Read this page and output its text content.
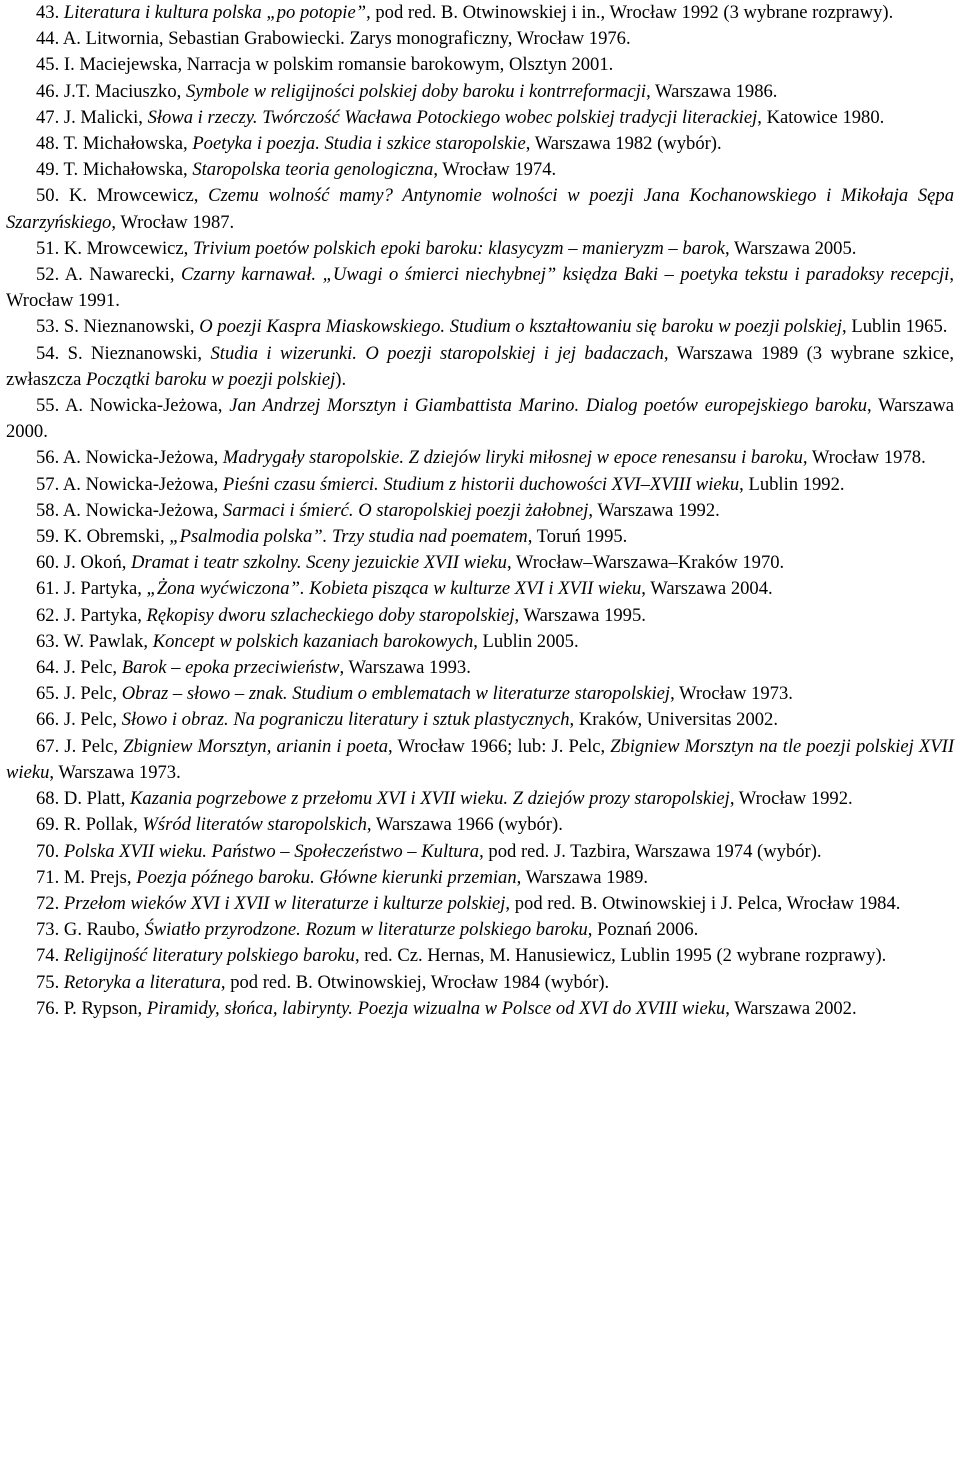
43. Literatura i kultura polska „po potopie”, pod red. B. Otwinowskiej i in., Wrocław 1992 (3 wybrane rozprawy).

44. A. Litwornia, Sebastian Grabowiecki. Zarys monograficzny, Wrocław 1976.

45. I. Maciejewska, Narracja w polskim romansie barokowym, Olsztyn 2001.

46. J.T. Maciuszko, Symbole w religijności polskiej doby baroku i kontrreformacji, Warszawa 1986.

47. J. Malicki, Słowa i rzeczy. Twórczość Wacława Potockiego wobec polskiej tradycji literackiej, Katowice 1980.

48. T. Michałowska, Poetyka i poezja. Studia i szkice staropolskie, Warszawa 1982 (wybór).

49. T. Michałowska, Staropolska teoria genologiczna, Wrocław 1974.

50. K. Mrowcewicz, Czemu wolność mamy? Antynomie wolności w poezji Jana Kochanowskiego i Mikołaja Sępa Szarzyńskiego, Wrocław 1987.

51. K. Mrowcewicz, Trivium poetów polskich epoki baroku: klasycyzm – manieryzm – barok, Warszawa 2005.

52. A. Nawarecki, Czarny karnawał. „Uwagi o śmierci niechybnej” księdza Baki – poetyka tekstu i paradoksy recepcji, Wrocław 1991.

53. S. Nieznanowski, O poezji Kaspra Miaskowskiego. Studium o kształtowaniu się baroku w poezji polskiej, Lublin 1965.

54. S. Nieznanowski, Studia i wizerunki. O poezji staropolskiej i jej badaczach, Warszawa 1989 (3 wybrane szkice, zwłaszcza Początki baroku w poezji polskiej).

55. A. Nowicka-Jeżowa, Jan Andrzej Morsztyn i Giambattista Marino. Dialog poetów europejskiego baroku, Warszawa 2000.

56. A. Nowicka-Jeżowa, Madrygały staropolskie. Z dziejów liryki miłosnej w epoce renesansu i baroku, Wrocław 1978.

57. A. Nowicka-Jeżowa, Pieśni czasu śmierci. Studium z historii duchowości XVI–XVIII wieku, Lublin 1992.

58. A. Nowicka-Jeżowa, Sarmaci i śmierć. O staropolskiej poezji żałobnej, Warszawa 1992.

59. K. Obremski, „Psalmodia polska”. Trzy studia nad poematem, Toruń 1995.

60. J. Okoń, Dramat i teatr szkolny. Sceny jezuickie XVII wieku, Wrocław–Warszawa–Kraków 1970.

61. J. Partyka, „Żona wyćwiczona”. Kobieta pisząca w kulturze XVI i XVII wieku, Warszawa 2004.

62. J. Partyka, Rękopisy dworu szlacheckiego doby staropolskiej, Warszawa 1995.

63. W. Pawlak, Koncept w polskich kazaniach barokowych, Lublin 2005.

64. J. Pelc, Barok – epoka przeciwieństw, Warszawa 1993.

65. J. Pelc, Obraz – słowo – znak. Studium o emblematach w literaturze staropolskiej, Wrocław 1973.

66. J. Pelc, Słowo i obraz. Na pograniczu literatury i sztuk plastycznych, Kraków, Universitas 2002.

67. J. Pelc, Zbigniew Morsztyn, arianin i poeta, Wrocław 1966; lub: J. Pelc, Zbigniew Morsztyn na tle poezji polskiej XVII wieku, Warszawa 1973.

68. D. Platt, Kazania pogrzebowe z przełomu XVI i XVII wieku. Z dziejów prozy staropolskiej, Wrocław 1992.

69. R. Pollak, Wśród literatów staropolskich, Warszawa 1966 (wybór).

70. Polska XVII wieku. Państwo – Społeczeństwo – Kultura, pod red. J. Tazbira, Warszawa 1974 (wybór).

71. M. Prejs, Poezja późnego baroku. Główne kierunki przemian, Warszawa 1989.

72. Przełom wieków XVI i XVII w literaturze i kulturze polskiej, pod red. B. Otwinowskiej i J. Pelca, Wrocław 1984.

73. G. Raubo, Światło przyrodzone. Rozum w literaturze polskiego baroku, Poznań 2006.

74. Religijność literatury polskiego baroku, red. Cz. Hernas, M. Hanusiewicz, Lublin 1995 (2 wybrane rozprawy).

75. Retoryka a literatura, pod red. B. Otwinowskiej, Wrocław 1984 (wybór).

76. P. Rypson, Piramidy, słońca, labirynty. Poezja wizualna w Polsce od XVI do XVIII wieku, Warszawa 2002.
